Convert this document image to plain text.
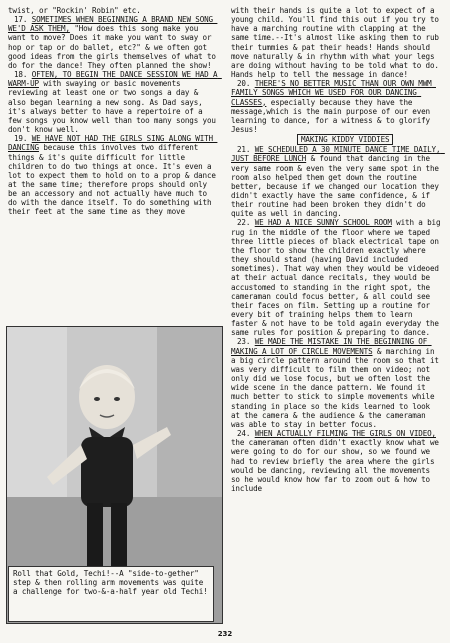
twist, or "Rockin' Robin" etc.

17. SOMETIMES WHEN BEGINNING A BRAND NEW SONG WE'D ASK THEM, "How does this song make you want to move? Does it make you want to sway or hop or tap or do ballet, etc?" & we often got good ideas from the girls themselves of what to do for the dance! They often planned the show!

18. OFTEN, TO BEGIN THE DANCE SESSION WE HAD A WARM-UP with swaying or basic movements reviewing at least one or two songs a day & also began learning a new song. As Dad says, it's always better to have a repertoire of a few songs you know well than too many songs you don't know well.

19. WE HAVE NOT HAD THE GIRLS SING ALONG WITH DANCING because this involves two different things & it's quite difficult for little children to do two things at once. It's even a lot to expect them to hold on to a prop & dance at the same time; therefore props should only be an accessory and not actually have much to do with the dance itself. To do something with their feet at the same time as they move

with their hands is quite a lot to expect of a young child. You'll find this out if you try to have a marching routine with clapping at the same time.--It's almost like asking them to rub their tummies & pat their heads! Hands should move naturally & in rhythm with what your legs are doing without having to be told what to do. Hands help to tell the message in dance!

20. THERE'S NO BETTER MUSIC THAN OUR OWN MWM FAMILY SONGS WHICH WE USED FOR OUR DANCING CLASSES, especially because they have the message,which is the main purpose of our even learning to dance, for a witness & to glorify Jesus!

MAKING KIDDY VIDDIES

21. WE SCHEDULED A 30 MINUTE DANCE TIME DAILY, JUST BEFORE LUNCH & found that dancing in the very same room & even the very same spot in the room also helped them get down the routine better, because if we changed our location they didn't exactly have the same confidence, & if their routine had been broken they didn't do quite as well in dancing.

22. WE HAD A NICE SUNNY SCHOOL ROOM with a big rug in the middle of the floor where we taped three little pieces of black electrical tape on the floor to show the children exactly where they should stand (having David included sometimes). That way when they would be videoed at their actual dance recitals, they would be accustomed to standing in the right spot, the cameraman could focus better, & all could see their faces on film. Setting up a routine for every bit of training helps them to learn faster & not have to be told again everyday the same rules for position & preparing to dance.

23. WE MADE THE MISTAKE IN THE BEGINNING OF MAKING A LOT OF CIRCLE MOVEMENTS & marching in a big circle pattern around the room so that it was very difficult to film them on video; not only did we lose focus, but we often lost the wide scene in the dance pattern. We found it much better to stick to simple movements while standing in place so the kids learned to look at the camera & the audience & the cameraman was able to stay in better focus.

24. WHEN ACTUALLY FILMING THE GIRLS ON VIDEO, the cameraman often didn't exactly know what we were going to do for our show, so we found we had to review briefly the area where the girls would be dancing, reviewing all the movements so he would know how far to zoom out & how to include

Roll that Gold, Techi!--A "side-to-gether" step & then rolling arm movements was quite a challenge for two-&-a-half year old Techi!
232
